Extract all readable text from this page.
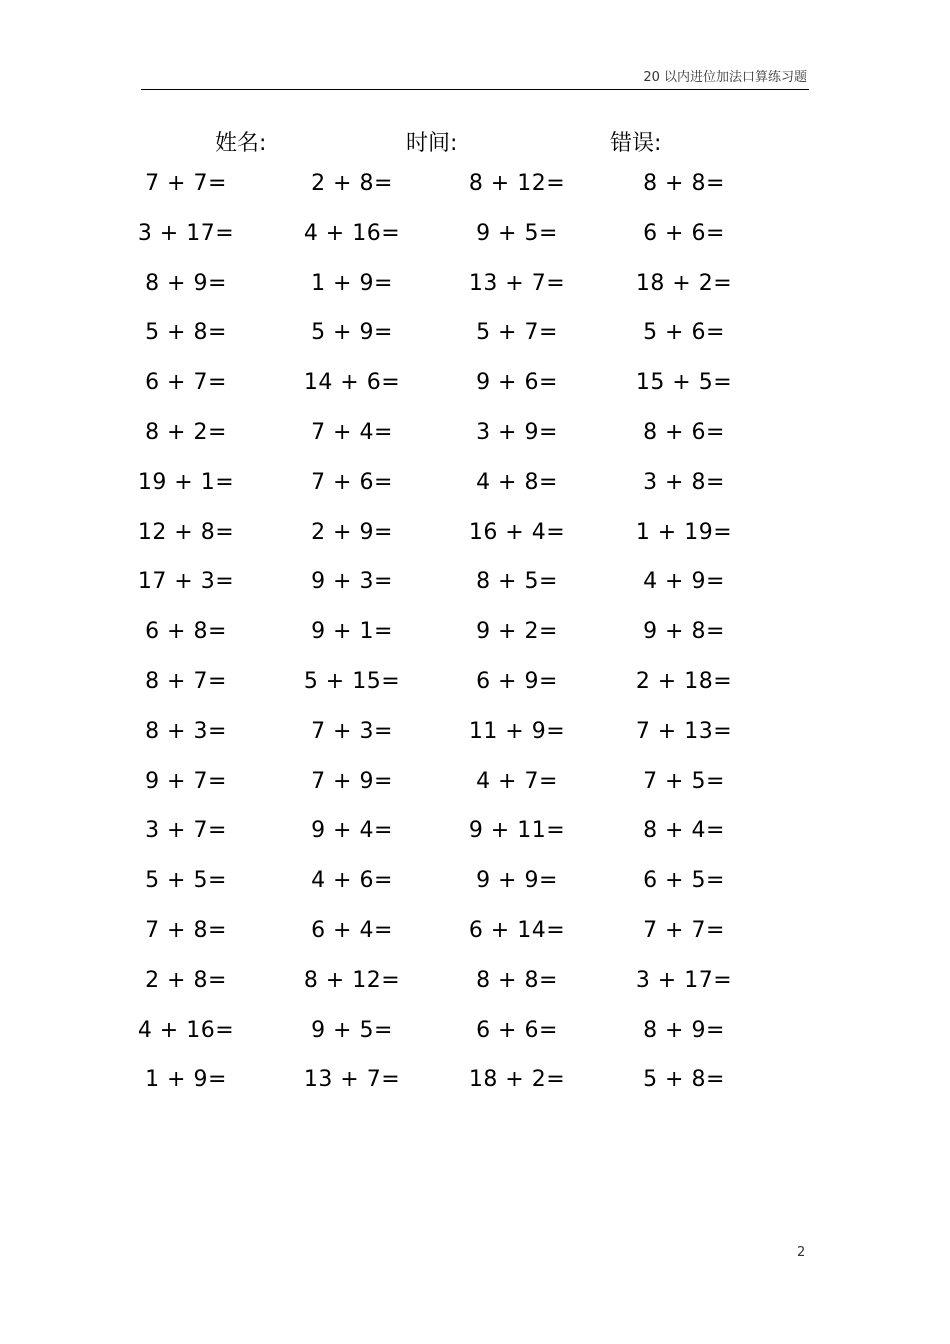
20 以内进位加法口算练习题
姓名:	时间:	错误:
7 + 7=	2 + 8=	8 + 12=	8 + 8=
3 + 17=	4 + 16=	9 + 5=	6 + 6=
8 + 9=	1 + 9=	13 + 7=	18 + 2=
5 + 8=	5 + 9=	5 + 7=	5 + 6=
6 + 7=	14 + 6=	9 + 6=	15 + 5=
8 + 2=	7 + 4=	3 + 9=	8 + 6=
19 + 1=	7 + 6=	4 + 8=	3 + 8=
12 + 8=	2 + 9=	16 + 4=	1 + 19=
17 + 3=	9 + 3=	8 + 5=	4 + 9=
6 + 8=	9 + 1=	9 + 2=	9 + 8=
8 + 7=	5 + 15=	6 + 9=	2 + 18=
8 + 3=	7 + 3=	11 + 9=	7 + 13=
9 + 7=	7 + 9=	4 + 7=	7 + 5=
3 + 7=	9 + 4=	9 + 11=	8 + 4=
5 + 5=	4 + 6=	9 + 9=	6 + 5=
7 + 8=	6 + 4=	6 + 14=	7 + 7=
2 + 8=	8 + 12=	8 + 8=	3 + 17=
4 + 16=	9 + 5=	6 + 6=	8 + 9=
1 + 9=	13 + 7=	18 + 2=	5 + 8=
2
